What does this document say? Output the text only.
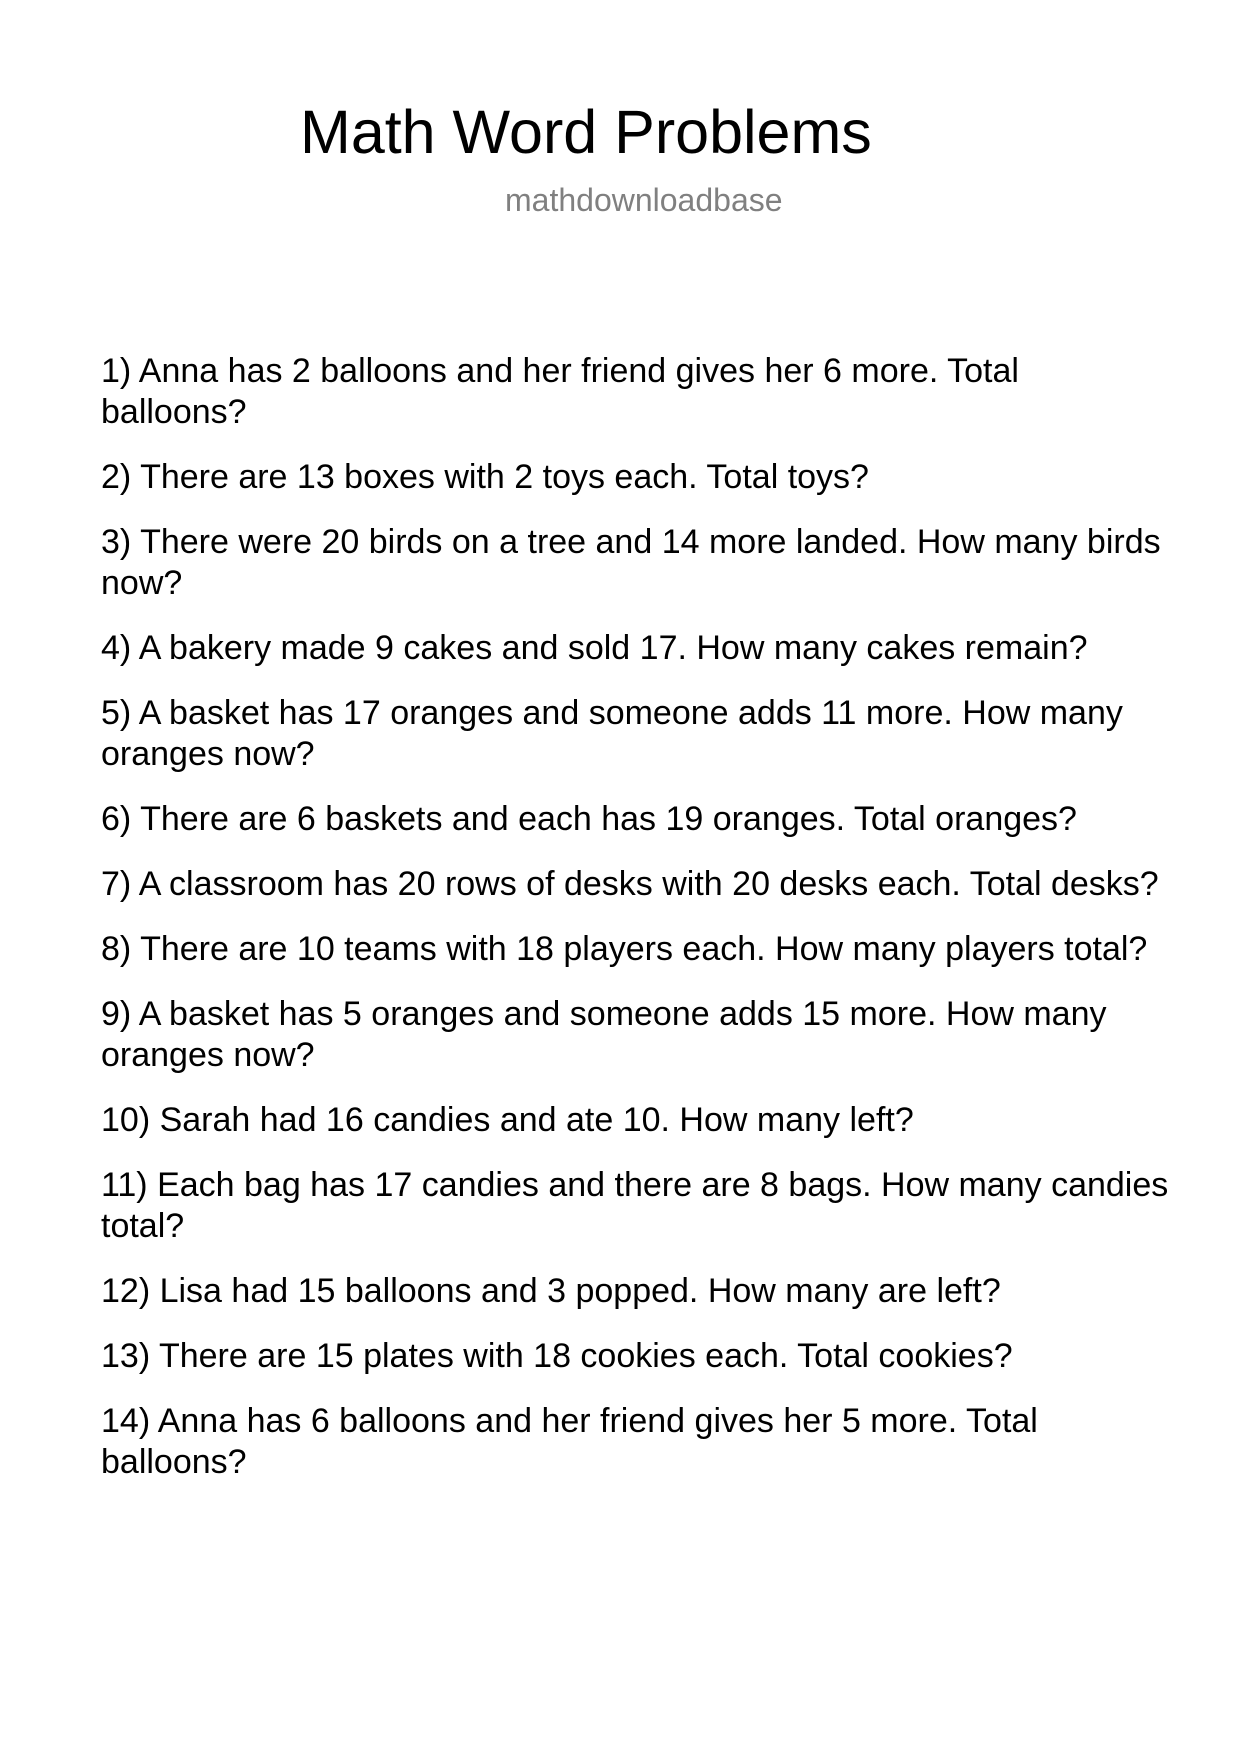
Math Word Problems
mathdownloadbase
1) Anna has 2 balloons and her friend gives her 6 more. Total balloons?
2) There are 13 boxes with 2 toys each. Total toys?
3) There were 20 birds on a tree and 14 more landed. How many birds now?
4) A bakery made 9 cakes and sold 17. How many cakes remain?
5) A basket has 17 oranges and someone adds 11 more. How many oranges now?
6) There are 6 baskets and each has 19 oranges. Total oranges?
7) A classroom has 20 rows of desks with 20 desks each. Total desks?
8) There are 10 teams with 18 players each. How many players total?
9) A basket has 5 oranges and someone adds 15 more. How many oranges now?
10) Sarah had 16 candies and ate 10. How many left?
11) Each bag has 17 candies and there are 8 bags. How many candies total?
12) Lisa had 15 balloons and 3 popped. How many are left?
13) There are 15 plates with 18 cookies each. Total cookies?
14) Anna has 6 balloons and her friend gives her 5 more. Total balloons?
